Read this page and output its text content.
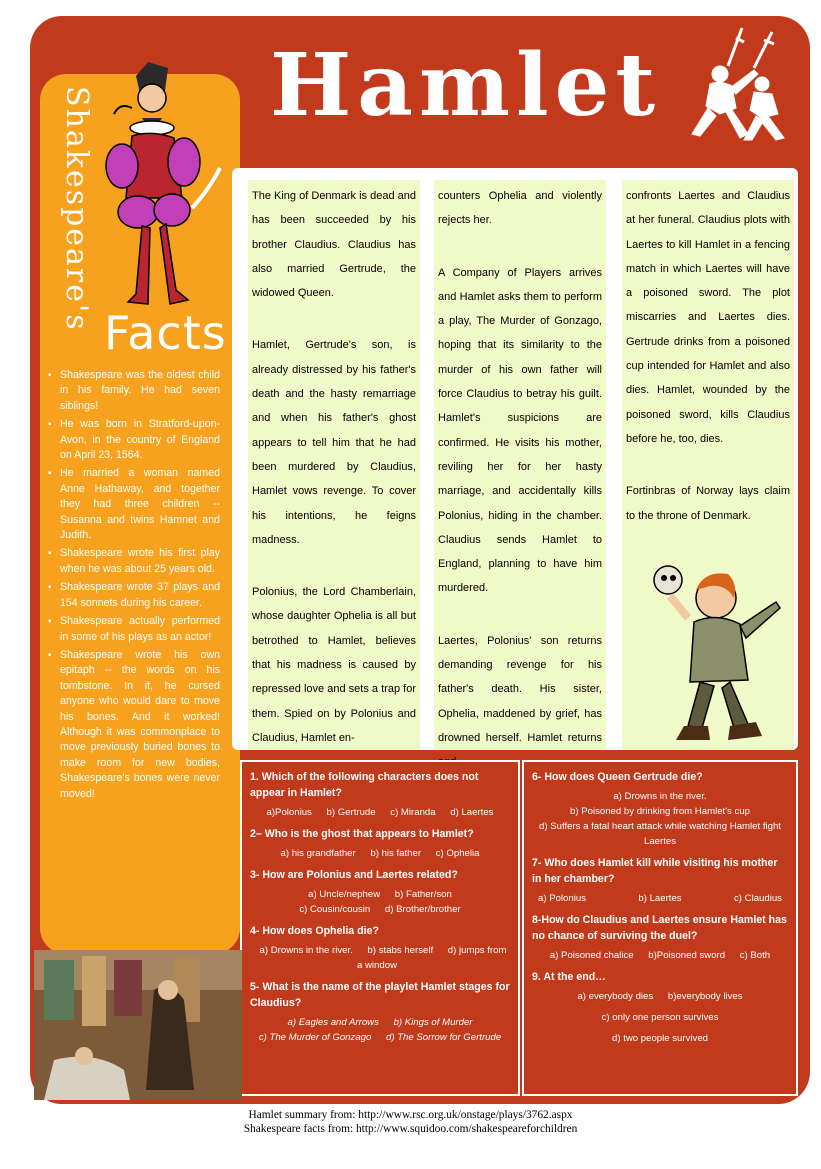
Hamlet
Shakespeare's
Facts
▪ Shakespeare was the oldest child in his family. He had seven siblings!
▪ He was born in Stratford-upon-Avon, in the country of England on April 23, 1564.
▪ He married a woman named Anne Hathaway, and together they had three children -- Susanna and twins Hamnet and Judith.
▪ Shakespeare wrote his first play when he was about 25 years old.
▪ Shakespeare wrote 37 plays and 154 sonnets during his career.
▪ Shakespeare actually performed in some of his plays as an actor!
▪ Shakespeare wrote his own epitaph -- the words on his tombstone. In it, he cursed anyone who would dare to move his bones. And it worked! Although it was commonplace to move previously buried bones to make room for new bodies, Shakespeare's bones were never moved!

The King of Denmark is dead and has been succeeded by his brother Claudius. Claudius has also married Gertrude, the widowed Queen.

Hamlet, Gertrude's son, is already distressed by his father's death and the hasty remarriage and when his father's ghost appears to tell him that he had been murdered by Claudius, Hamlet vows revenge. To cover his intentions, he feigns madness.

Polonius, the Lord Chamberlain, whose daughter Ophelia is all but betrothed to Hamlet, believes that his madness is caused by repressed love and sets a trap for them. Spied on by Polonius and Claudius, Hamlet en-

counters Ophelia and violently rejects her.

A Company of Players arrives and Hamlet asks them to perform a play, The Murder of Gonzago, hoping that its similarity to the murder of his own father will force Claudius to betray his guilt. Hamlet's suspicions are confirmed. He visits his mother, reviling her for her hasty marriage, and accidentally kills Polonius, hiding in the chamber. Claudius sends Hamlet to England, planning to have him murdered.

Laertes, Polonius' son returns demanding revenge for his father's death. His sister, Ophelia, maddened by grief, has drowned herself. Hamlet returns

confronts Laertes and Claudius at her funeral. Claudius plots with Laertes to kill Hamlet in a fencing match in which Laertes will have a poisoned sword. The plot miscarries and Laertes dies. Gertrude drinks from a poisoned cup intended for Hamlet and also dies. Hamlet, wounded by the poisoned sword, kills Claudius before he, too, dies.

Fortinbras of Norway lays claim to the throne of Denmark.

1. Which of the following characters does not appear in Hamlet?
a)Polonius b) Gertrude c) Miranda d) Laertes
2– Who is the ghost that appears to Hamlet?
a) his grandfather b) his father c) Ophelia
3- How are Polonius and Laertes related?
a) Uncle/nephew b) Father/son
c) Cousin/cousin d) Brother/brother
4- How does Ophelia die?
a) Drowns in the river. b) stabs herself d) jumps from a window
5- What is the name of the playlet Hamlet stages for Claudius?
a) Eagles and Arrows b) Kings of Murder
c) The Murder of Gonzago d) The Sorrow for Gertrude
6- How does Queen Gertrude die?
a) Drowns in the river.
b) Poisoned by drinking from Hamlet's cup
d) Suffers a fatal heart attack while watching Hamlet fight Laertes
7- Who does Hamlet kill while visiting his mother in her chamber?
a) Polonius	b) Laertes	c) Claudius
8-How do Claudius and Laertes ensure Hamlet has no chance of surviving the duel?
a) Poisoned chalice b)Poisoned sword c) Both
9. At the end…
a) everybody dies b)everybody lives
c) only one person survives
d) two people survived
Hamlet summary from: http://www.rsc.org.uk/onstage/plays/3762.aspx
Shakespeare facts from: http://www.squidoo.com/shakespeareforchildren
